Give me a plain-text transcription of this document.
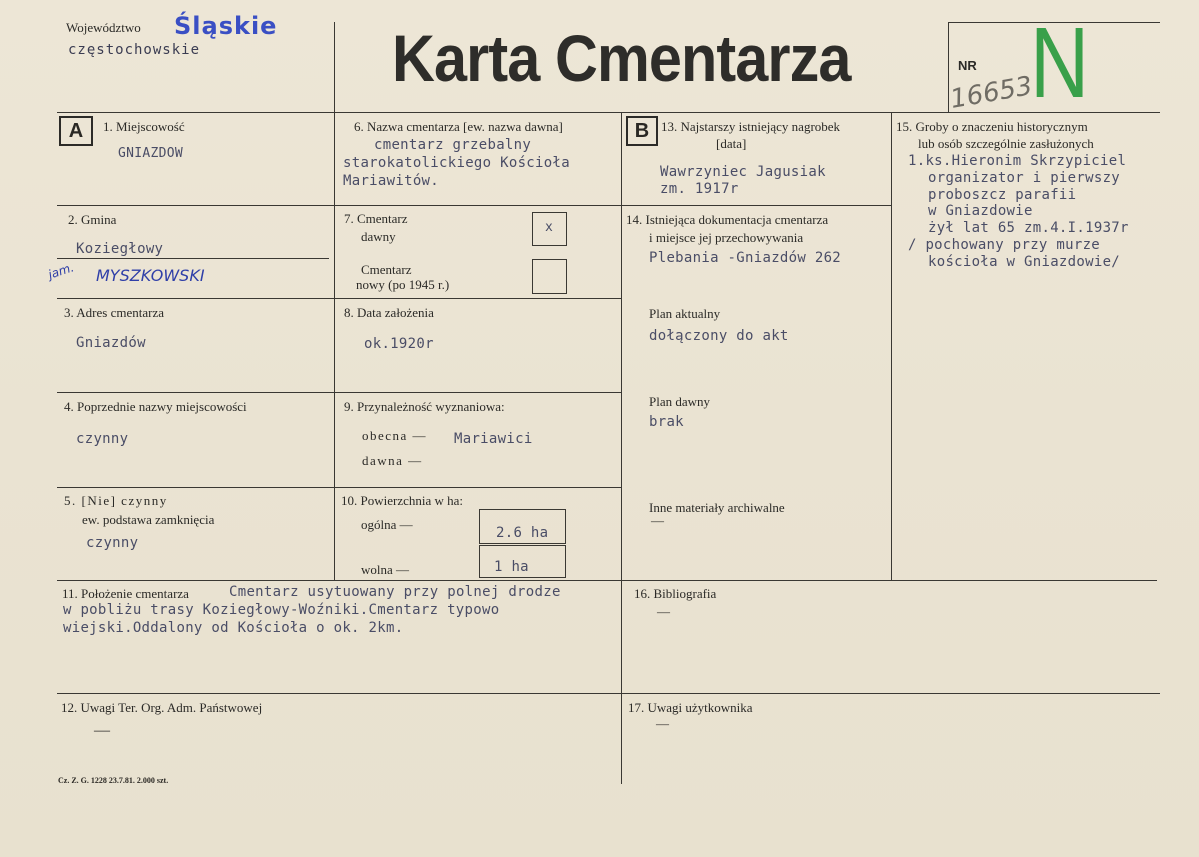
Województwo Śląskie
częstochowskie	Karta Cmentarza	NR
16653
N
A	B
1. Miejscowość
GNIAZDOW
2. Gmina
Koziegłowy
jam. MYSZKOWSKI
3. Adres cmentarza
Gniazdów
4. Poprzednie nazwy miejscowości
czynny
5. [Nie] czynny
ew. podstawa zamknięcia
czynny
6. Nazwa cmentarza [ew. nazwa dawna]
cmentarz grzebalny
starokatolickiego Kościoła
Mariawitów.
7. Cmentarz
dawny
x
Cmentarz
nowy (po 1945 r.)
8. Data założenia
ok.1920r
9. Przynależność wyznaniowa:
obecna — Mariawici
dawna —
10. Powierzchnia w ha:
ogólna —
2.6 ha
wolna —	1 ha
11. Położenie cmentarza	Cmentarz usytuowany przy polnej drodze
w pobliżu trasy Koziegłowy-Woźniki.Cmentarz typowo
wiejski.Oddalony od Kościoła o ok. 2km.
12. Uwagi Ter. Org. Adm. Państwowej
—
13. Najstarszy istniejący nagrobek
[data]
Wawrzyniec Jagusiak
zm. 1917r
14. Istniejąca dokumentacja cmentarza
i miejsce jej przechowywania
Plebania -Gniazdów 262
Plan aktualny
dołączony do akt
Plan dawny
brak
Inne materiały archiwalne
—
15. Groby o znaczeniu historycznym
lub osób szczególnie zasłużonych
1.ks.Hieronim Skrzypiciel
organizator i pierwszy
proboszcz parafii
w Gniazdowie
żył lat 65 zm.4.I.1937r
/ pochowany przy murze
kościoła w Gniazdowie/
16. Bibliografia
—
17. Uwagi użytkownika
—
Cz. Z. G. 1228 23.7.81. 2.000 szt.
